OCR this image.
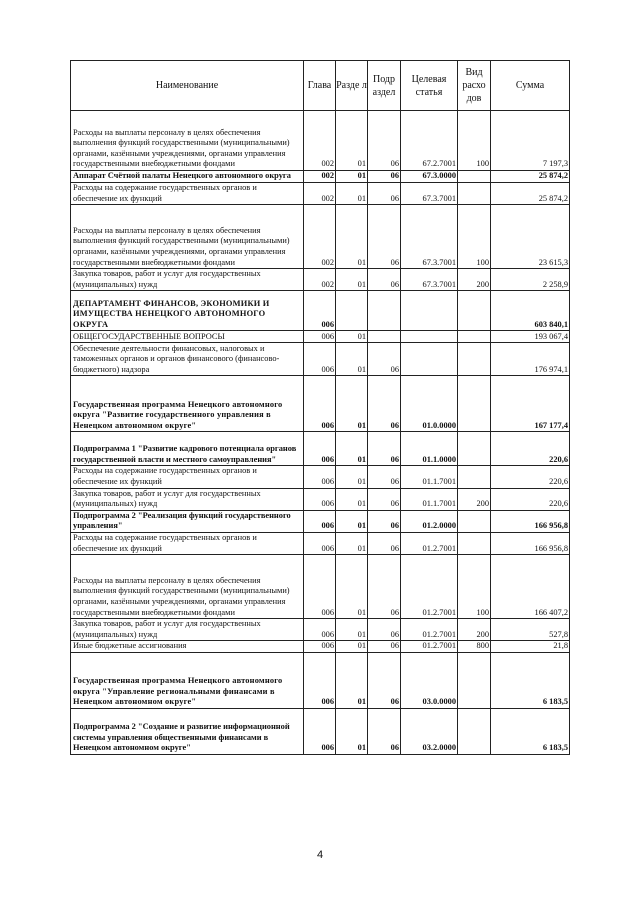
Наименование	Глава	Разде л	Подр аздел	Целевая статья	Вид расхо дов	Сумма
Расходы на выплаты персоналу в целях обеспечения выполнения функций государственными (муниципальными) органами, казёнными учреждениями, органами управления государственными внебюджетными фондами	002	01	06	67.2.7001	100	7 197,3
Аппарат Счётной палаты Ненецкого автономного округа	002	01	06	67.3.0000		25 874,2
Расходы на содержание государственных органов и обеспечение их функций	002	01	06	67.3.7001		25 874,2
Расходы на выплаты персоналу в целях обеспечения выполнения функций государственными (муниципальными) органами, казёнными учреждениями, органами управления государственными внебюджетными фондами	002	01	06	67.3.7001	100	23 615,3
Закупка товаров, работ и услуг для государственных (муниципальных) нужд	002	01	06	67.3.7001	200	2 258,9
ДЕПАРТАМЕНТ ФИНАНСОВ, ЭКОНОМИКИ И ИМУЩЕСТВА НЕНЕЦКОГО АВТОНОМНОГО ОКРУГА	006					603 840,1
ОБЩЕГОСУДАРСТВЕННЫЕ ВОПРОСЫ	006	01				193 067,4
Обеспечение деятельности финансовых, налоговых и таможенных органов и органов финансового (финансово-бюджетного) надзора	006	01	06			176 974,1
Государственная программа Ненецкого автономного округа "Развитие государственного управления в Ненецком автономном округе"	006	01	06	01.0.0000		167 177,4
Подпрограмма 1 "Развитие кадрового потенциала органов государственной власти и местного самоуправления"	006	01	06	01.1.0000		220,6
Расходы на содержание государственных органов и обеспечение их функций	006	01	06	01.1.7001		220,6
Закупка товаров, работ и услуг для государственных (муниципальных) нужд	006	01	06	01.1.7001	200	220,6
Подпрограмма 2 "Реализация функций государственного управления"	006	01	06	01.2.0000		166 956,8
Расходы на содержание государственных органов и обеспечение их функций	006	01	06	01.2.7001		166 956,8
Расходы на выплаты персоналу в целях обеспечения выполнения функций государственными (муниципальными) органами, казёнными учреждениями, органами управления государственными внебюджетными фондами	006	01	06	01.2.7001	100	166 407,2
Закупка товаров, работ и услуг для государственных (муниципальных) нужд	006	01	06	01.2.7001	200	527,8
Иные бюджетные ассигнования	006	01	06	01.2.7001	800	21,8
Государственная программа Ненецкого автономного округа "Управление региональными финансами в Ненецком автономном округе"	006	01	06	03.0.0000		6 183,5
Подпрограмма 2 "Создание и развитие информационной системы управления общественными финансами в Ненецком автономном округе"	006	01	06	03.2.0000		6 183,5
4
